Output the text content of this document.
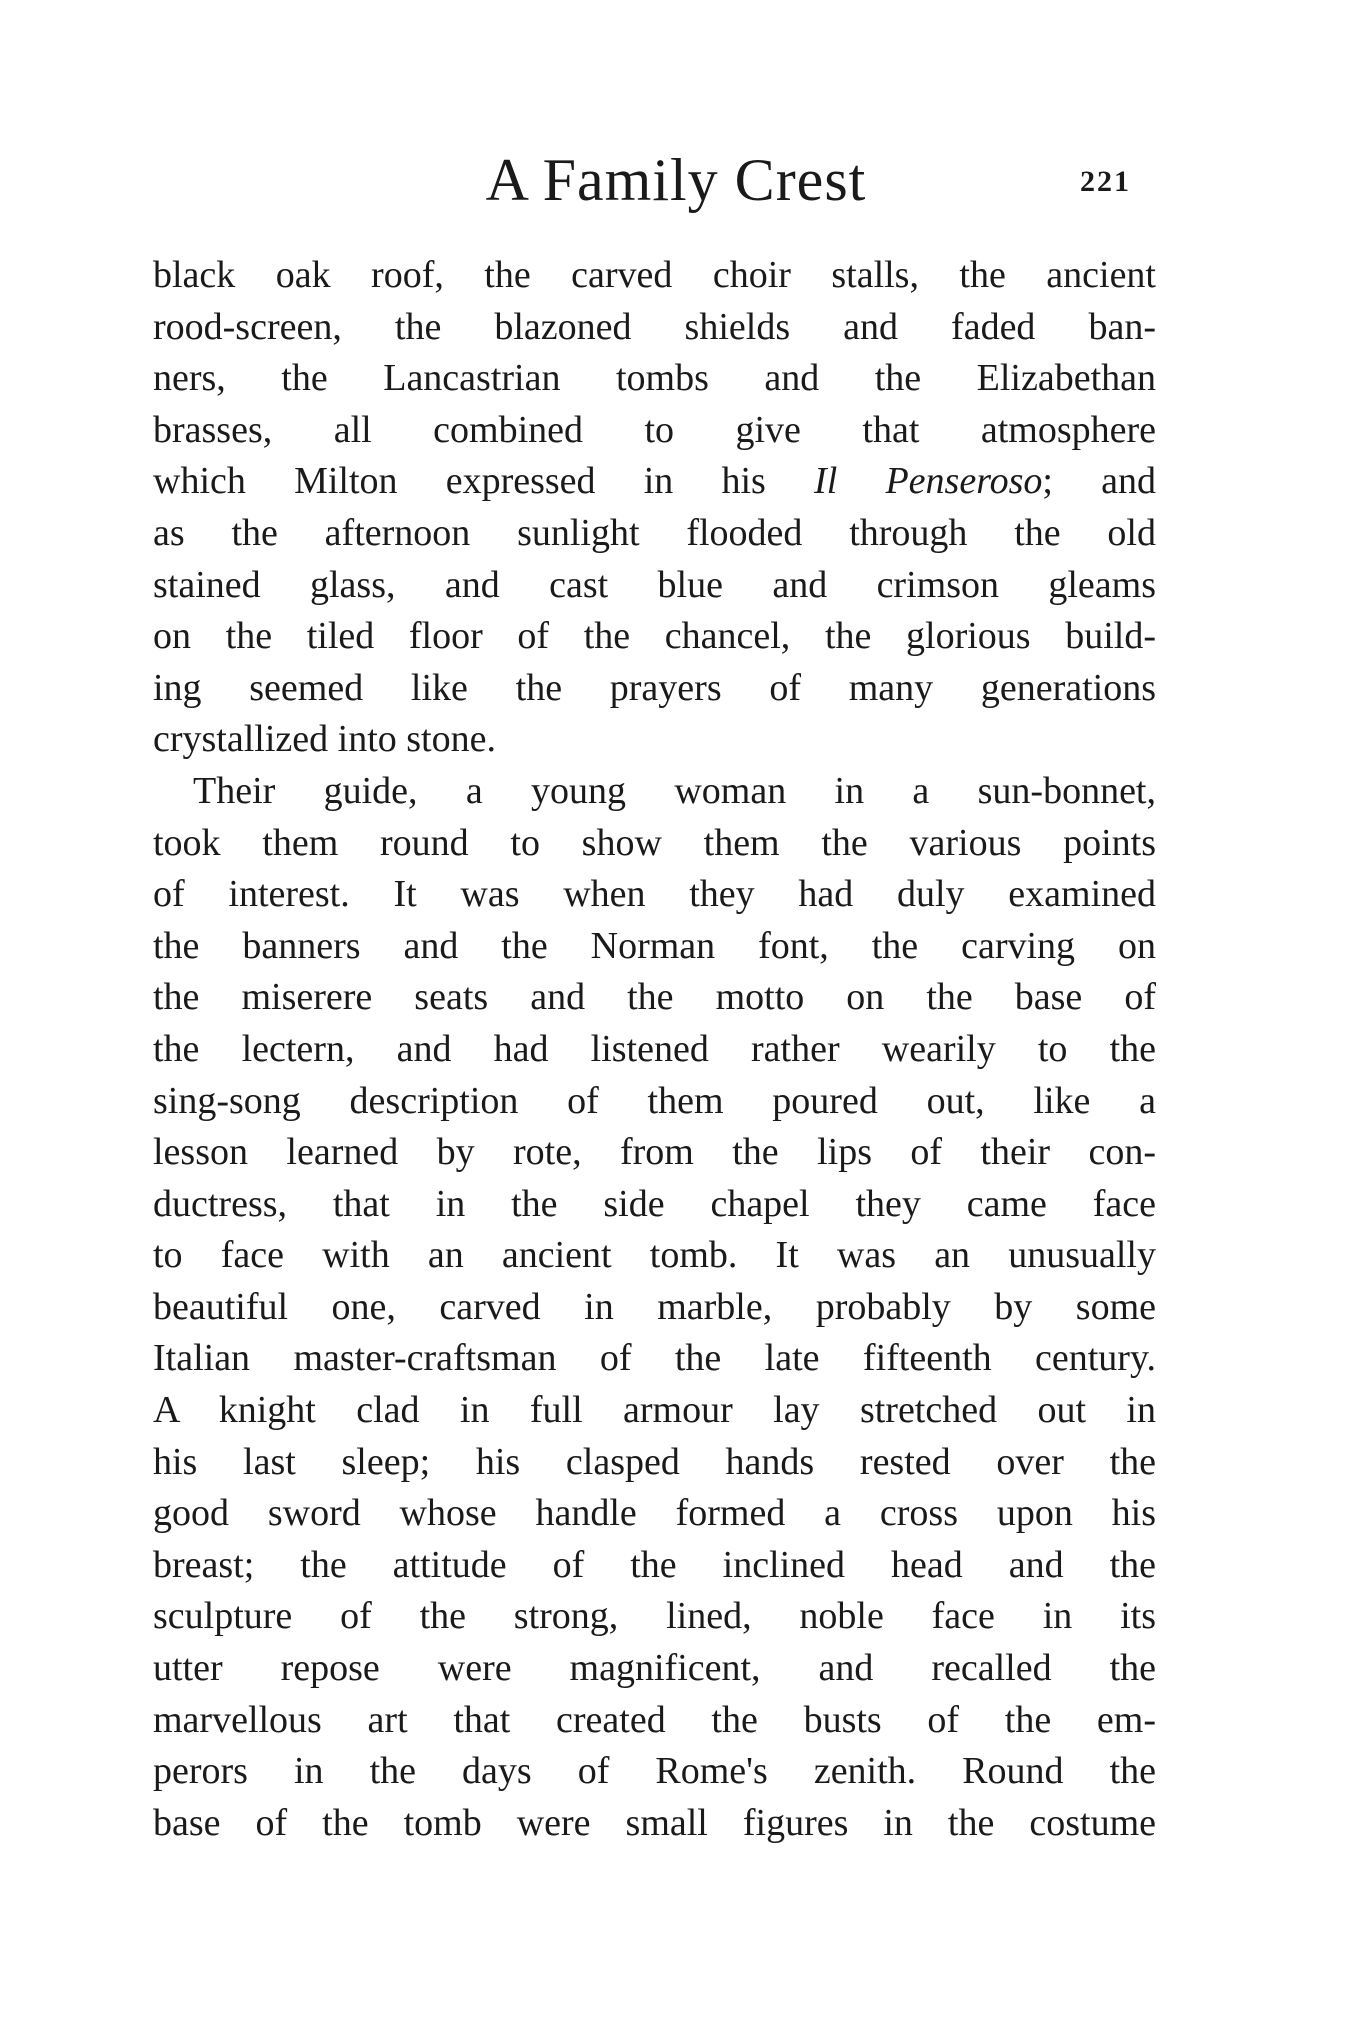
A Family Crest	221
black oak roof, the carved choir stalls, the ancient
rood-screen, the blazoned shields and faded ban-
ners, the Lancastrian tombs and the Elizabethan
brasses, all combined to give that atmosphere
which Milton expressed in his Il Penseroso; and
as the afternoon sunlight flooded through the old
stained glass, and cast blue and crimson gleams
on the tiled floor of the chancel, the glorious build-
ing seemed like the prayers of many generations
crystallized into stone.
Their guide, a young woman in a sun-bonnet,
took them round to show them the various points
of interest. It was when they had duly examined
the banners and the Norman font, the carving on
the miserere seats and the motto on the base of
the lectern, and had listened rather wearily to the
sing-song description of them poured out, like a
lesson learned by rote, from the lips of their con-
ductress, that in the side chapel they came face
to face with an ancient tomb. It was an unusually
beautiful one, carved in marble, probably by some
Italian master-craftsman of the late fifteenth century.
A knight clad in full armour lay stretched out in
his last sleep; his clasped hands rested over the
good sword whose handle formed a cross upon his
breast; the attitude of the inclined head and the
sculpture of the strong, lined, noble face in its
utter repose were magnificent, and recalled the
marvellous art that created the busts of the em-
perors in the days of Rome's zenith. Round the
base of the tomb were small figures in the costume
